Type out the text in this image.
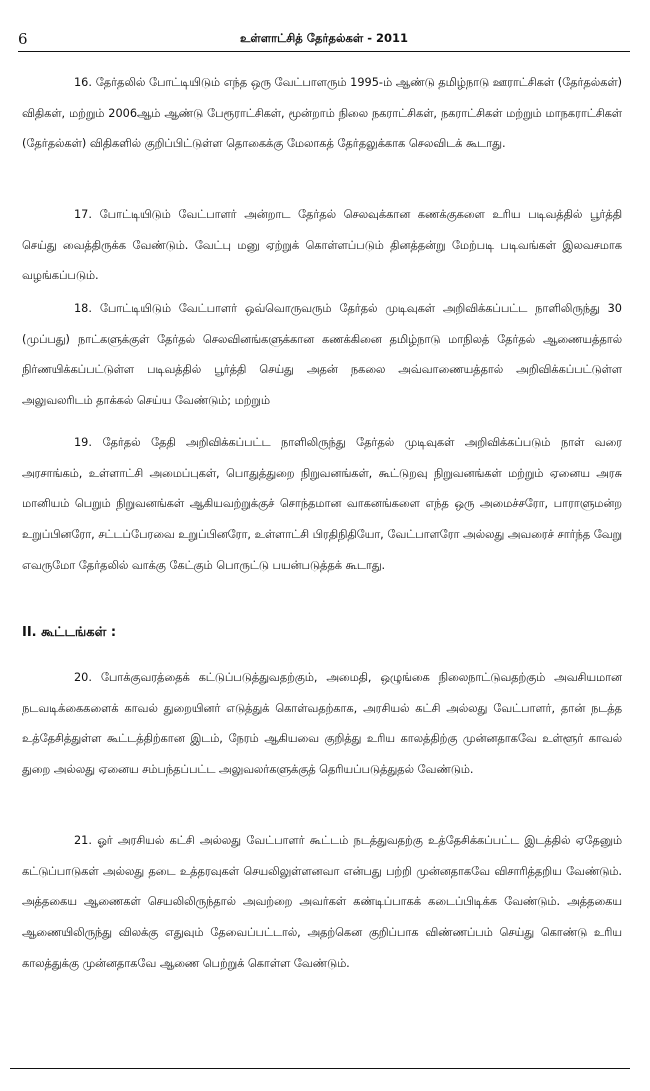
6	உள்ளாட்சித் தேர்தல்கள் - 2011

16. தேர்தலில் போட்டியிடும் எந்த ஒரு வேட்பாளரும் 1995-ம் ஆண்டு தமிழ்நாடு ஊராட்சிகள் (தேர்தல்கள்) விதிகள், மற்றும் 2006ஆம் ஆண்டு பேரூராட்சிகள், மூன்றாம் நிலை நகராட்சிகள், நகராட்சிகள் மற்றும் மாநகராட்சிகள் (தேர்தல்கள்) விதிகளில் குறிப்பிட்டுள்ள தொகைக்கு மேலாகத் தேர்தலுக்காக செலவிடக் கூடாது.

17. போட்டியிடும் வேட்பாளர் அன்றாட தேர்தல் செலவுக்கான கணக்குகளை உரிய படிவத்தில் பூர்த்தி செய்து வைத்திருக்க வேண்டும். வேட்பு மனு ஏற்றுக் கொள்ளப்படும் தினத்தன்று மேற்படி படிவங்கள் இலவசமாக வழங்கப்படும்.

18. போட்டியிடும் வேட்பாளர் ஒவ்வொருவரும் தேர்தல் முடிவுகள் அறிவிக்கப்பட்ட நாளிலிருந்து 30 (முப்பது) நாட்களுக்குள் தேர்தல் செலவினங்களுக்கான கணக்கினை தமிழ்நாடு மாநிலத் தேர்தல் ஆணையத்தால் நிர்ணயிக்கப்பட்டுள்ள படிவத்தில் பூர்த்தி செய்து அதன் நகலை அவ்வாணையத்தால் அறிவிக்கப்பட்டுள்ள அலுவலரிடம் தாக்கல் செய்ய வேண்டும்; மற்றும்

19. தேர்தல் தேதி அறிவிக்கப்பட்ட நாளிலிருந்து தேர்தல் முடிவுகள் அறிவிக்கப்படும் நாள் வரை அரசாங்கம், உள்ளாட்சி அமைப்புகள், பொதுத்துறை நிறுவனங்கள், கூட்டுறவு நிறுவனங்கள் மற்றும் ஏனைய அரசு மானியம் பெறும் நிறுவனங்கள் ஆகியவற்றுக்குச் சொந்தமான வாகனங்களை எந்த ஒரு அமைச்சரோ, பாராளுமன்ற உறுப்பினரோ, சட்டப்பேரவை உறுப்பினரோ, உள்ளாட்சி பிரதிநிதியோ, வேட்பாளரோ அல்லது அவரைச் சார்ந்த வேறு எவருமோ தேர்தலில் வாக்கு கேட்கும் பொருட்டு பயன்படுத்தக் கூடாது.

II. கூட்டங்கள் :

20. போக்குவரத்தைக் கட்டுப்படுத்துவதற்கும், அமைதி, ஒழுங்கை நிலைநாட்டுவதற்கும் அவசியமான நடவடிக்கைகளைக் காவல் துறையினர் எடுத்துக் கொள்வதற்காக, அரசியல் கட்சி அல்லது வேட்பாளர், தான் நடத்த உத்தேசித்துள்ள கூட்டத்திற்கான இடம், நேரம் ஆகியவை குறித்து உரிய காலத்திற்கு முன்னதாகவே உள்ளூர் காவல் துறை அல்லது ஏனைய சம்பந்தப்பட்ட அலுவலர்களுக்குத் தெரியப்படுத்துதல் வேண்டும்.

21. ஓர் அரசியல் கட்சி அல்லது வேட்பாளர் கூட்டம் நடத்துவதற்கு உத்தேசிக்கப்பட்ட இடத்தில் ஏதேனும் கட்டுப்பாடுகள் அல்லது தடை உத்தரவுகள் செயலிலுள்ளனவா என்பது பற்றி முன்னதாகவே விசாரித்தறிய வேண்டும். அத்தகைய ஆணைகள் செயலிலிருந்தால் அவற்றை அவர்கள் கண்டிப்பாகக் கடைப்பிடிக்க வேண்டும். அத்தகைய ஆணையிலிருந்து விலக்கு எதுவும் தேவைப்பட்டால், அதற்கென குறிப்பாக விண்ணப்பம் செய்து கொண்டு உரிய காலத்துக்கு முன்னதாகவே ஆணை பெற்றுக் கொள்ள வேண்டும்.
